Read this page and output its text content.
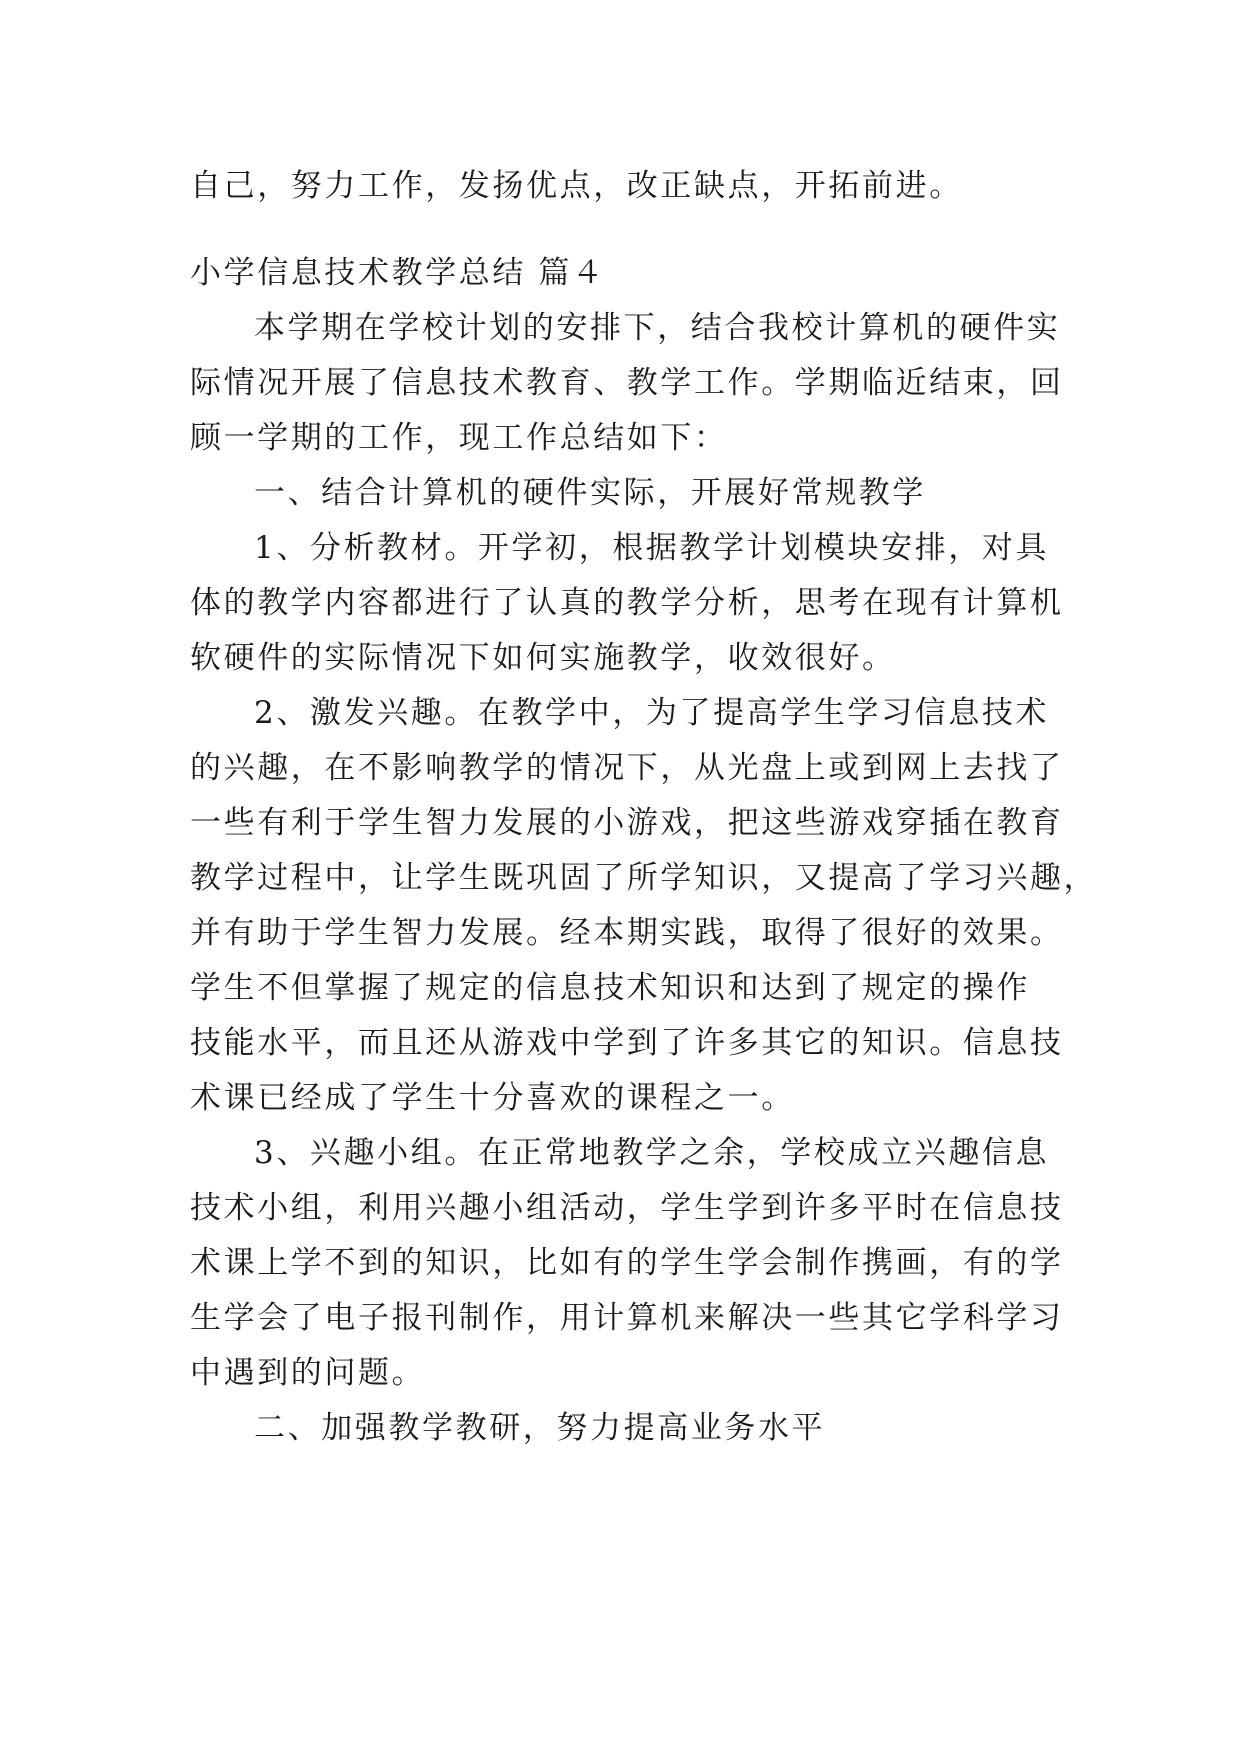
自己，努力工作，发扬优点，改正缺点，开拓前进。

小学信息技术教学总结 篇４

本学期在学校计划的安排下，结合我校计算机的硬件实

际情况开展了信息技术教育、教学工作。学期临近结束，回

顾一学期的工作，现工作总结如下：

一、结合计算机的硬件实际，开展好常规教学

1、分析教材。开学初，根据教学计划模块安排，对具

体的教学内容都进行了认真的教学分析，思考在现有计算机

软硬件的实际情况下如何实施教学，收效很好。

2、激发兴趣。在教学中，为了提高学生学习信息技术

的兴趣，在不影响教学的情况下，从光盘上或到网上去找了

一些有利于学生智力发展的小游戏，把这些游戏穿插在教育

教学过程中，让学生既巩固了所学知识，又提高了学习兴趣，

并有助于学生智力发展。经本期实践，取得了很好的效果。

学生不但掌握了规定的信息技术知识和达到了规定的操作

技能水平，而且还从游戏中学到了许多其它的知识。信息技

术课已经成了学生十分喜欢的课程之一。

3、兴趣小组。在正常地教学之余，学校成立兴趣信息

技术小组，利用兴趣小组活动，学生学到许多平时在信息技

术课上学不到的知识，比如有的学生学会制作携画，有的学

生学会了电子报刊制作，用计算机来解决一些其它学科学习

中遇到的问题。

二、加强教学教研，努力提高业务水平
